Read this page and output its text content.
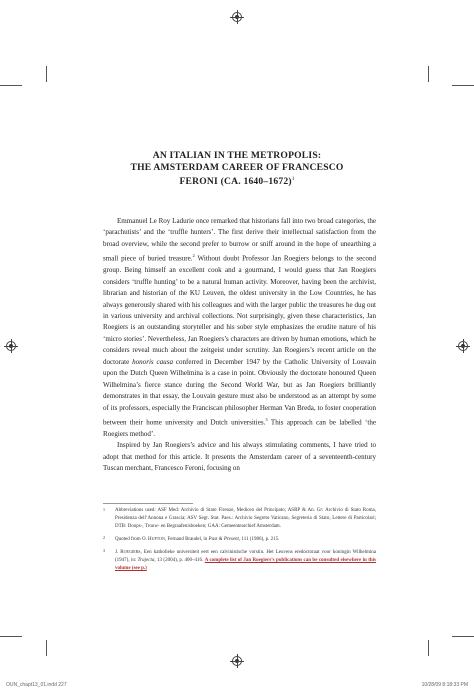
AN ITALIAN IN THE METROPOLIS:
THE AMSTERDAM CAREER OF FRANCESCO
FERONI (CA. 1640–1672)$^1$

Emmanuel Le Roy Ladurie once remarked that historians fall into two broad categories, the ‘parachutists’ and the ‘truffle hunters’. The first derive their intellectual satisfaction from the broad overview, while the second prefer to burrow or sniff around in the hope of unearthing a small piece of buried treasure.$^2$ Without doubt Professor Jan Roegiers belongs to the second group. Being himself an excellent cook and a gourmand, I would guess that Jan Roegiers considers ‘truffle hunting’ to be a natural human activity. Moreover, having been the archivist, librarian and historian of the KU Leuven, the oldest university in the Low Countries, he has always generously shared with his colleagues and with the larger public the treasures he dug out in various university and archival collections. Not surprisingly, given these characteristics, Jan Roegiers is an outstanding storyteller and his sober style emphasizes the erudite nature of his ‘micro stories’. Nevertheless, Jan Roegiers’s characters are driven by human emotions, which he considers reveal much about the zeitgeist under scrutiny. Jan Roegiers’s recent article on the doctorate honoris causa conferred in December 1947 by the Catholic University of Louvain upon the Dutch Queen Wilhelmina is a case in point. Obviously the doctorate honoured Queen Wilhelmina’s fierce stance during the Second World War, but as Jan Roegiers brilliantly demonstrates in that essay, the Louvain gesture must also be understood as an attempt by some of its professors, especially the Franciscan philosopher Herman Van Breda, to foster cooperation between their home university and Dutch universities.$^3$ This approach can be labelled ‘the Roegiers method’.

Inspired by Jan Roegiers’s advice and his always stimulating comments, I have tried to adopt that method for this article. It presents the Amsterdam career of a seventeenth-century Tuscan merchant, Francesco Feroni, focusing on

1 Abbreviations used: ASF Med: Archivio di Stato Firenze, Mediceo del Principato; ASRP & An. Gr: Archivio di Stato Roma, Presidenza dell’Annona e Grascia; ASV Segr. Stat. Paes.: Archivio Segreto Vaticano, Segreteria di Stato, Lettere di Particolari; DTB: Doops-, Trouw- en Begraafenisboeken; GAA: Gemeentearchief Amsterdam.
2 Quoted from O. HUFTON, Fernand Braudel, in Past & Present, 111 (1986), p. 215.
3 J. ROEGIERS, Een katholieke universiteit eert een calvinistische vorstin. Het Leuvens eredoctoraat voor koningin Wilhelmina (1947), in: Trajecta, 13 (2004), p. 400–416. A complete list of Jan Roegiers’s publications can be consulted elsewhere in this volume (see p.)
OUN_chapt13_01.indd 227	10/28/09 8:18:33 PM
